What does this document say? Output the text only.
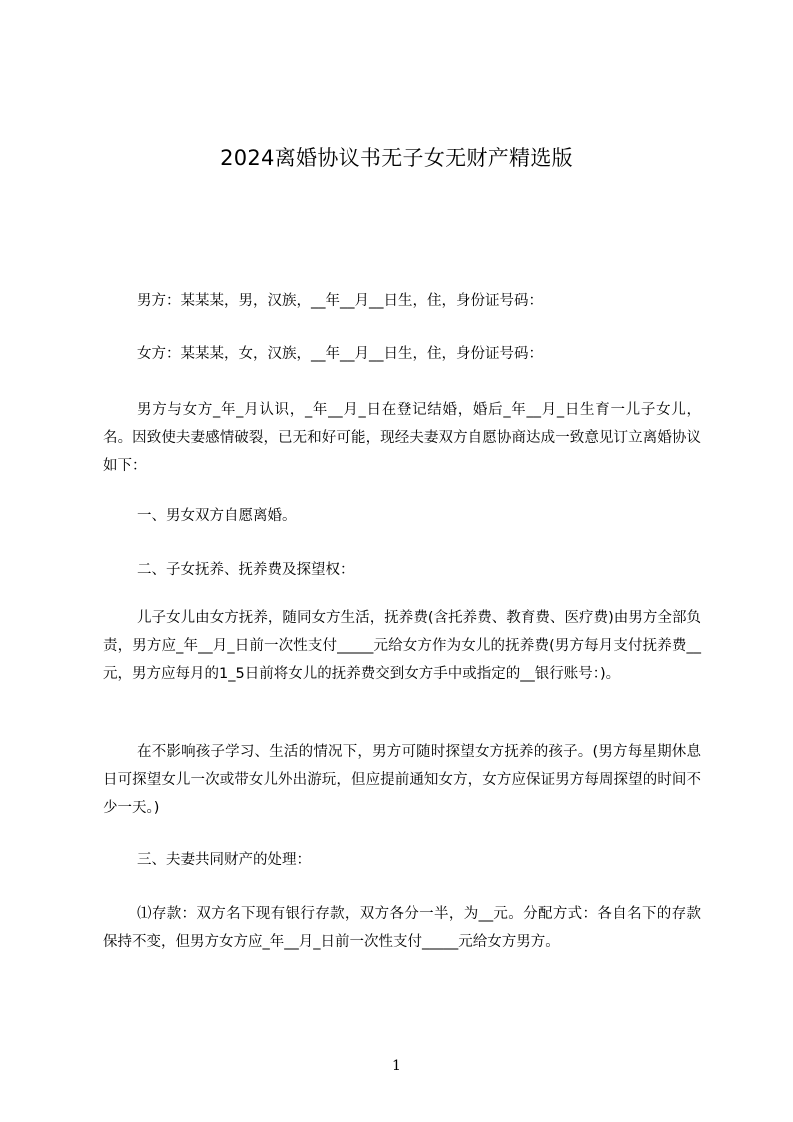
2024离婚协议书无子女无财产精选版

男方：某某某，男，汉族，__年__月__日生，住，身份证号码：

女方：某某某，女，汉族，__年__月__日生，住，身份证号码：

男方与女方_年_月认识，_年__月_日在登记结婚，婚后_年__月_日生育一儿子女儿，名。因致使夫妻感情破裂，已无和好可能，现经夫妻双方自愿协商达成一致意见订立离婚协议如下：

一、男女双方自愿离婚。

二、子女抚养、抚养费及探望权：

儿子女儿由女方抚养，随同女方生活，抚养费(含托养费、教育费、医疗费)由男方全部负责，男方应_年__月_日前一次性支付_____元给女方作为女儿的抚养费(男方每月支付抚养费__元，男方应每月的1_5日前将女儿的抚养费交到女方手中或指定的__银行账号：)。

在不影响孩子学习、生活的情况下，男方可随时探望女方抚养的孩子。(男方每星期休息日可探望女儿一次或带女儿外出游玩，但应提前通知女方，女方应保证男方每周探望的时间不少一天。)

三、夫妻共同财产的处理：

⑴存款：双方名下现有银行存款，双方各分一半，为__元。分配方式：各自名下的存款保持不变，但男方女方应_年__月_日前一次性支付_____元给女方男方。

1
